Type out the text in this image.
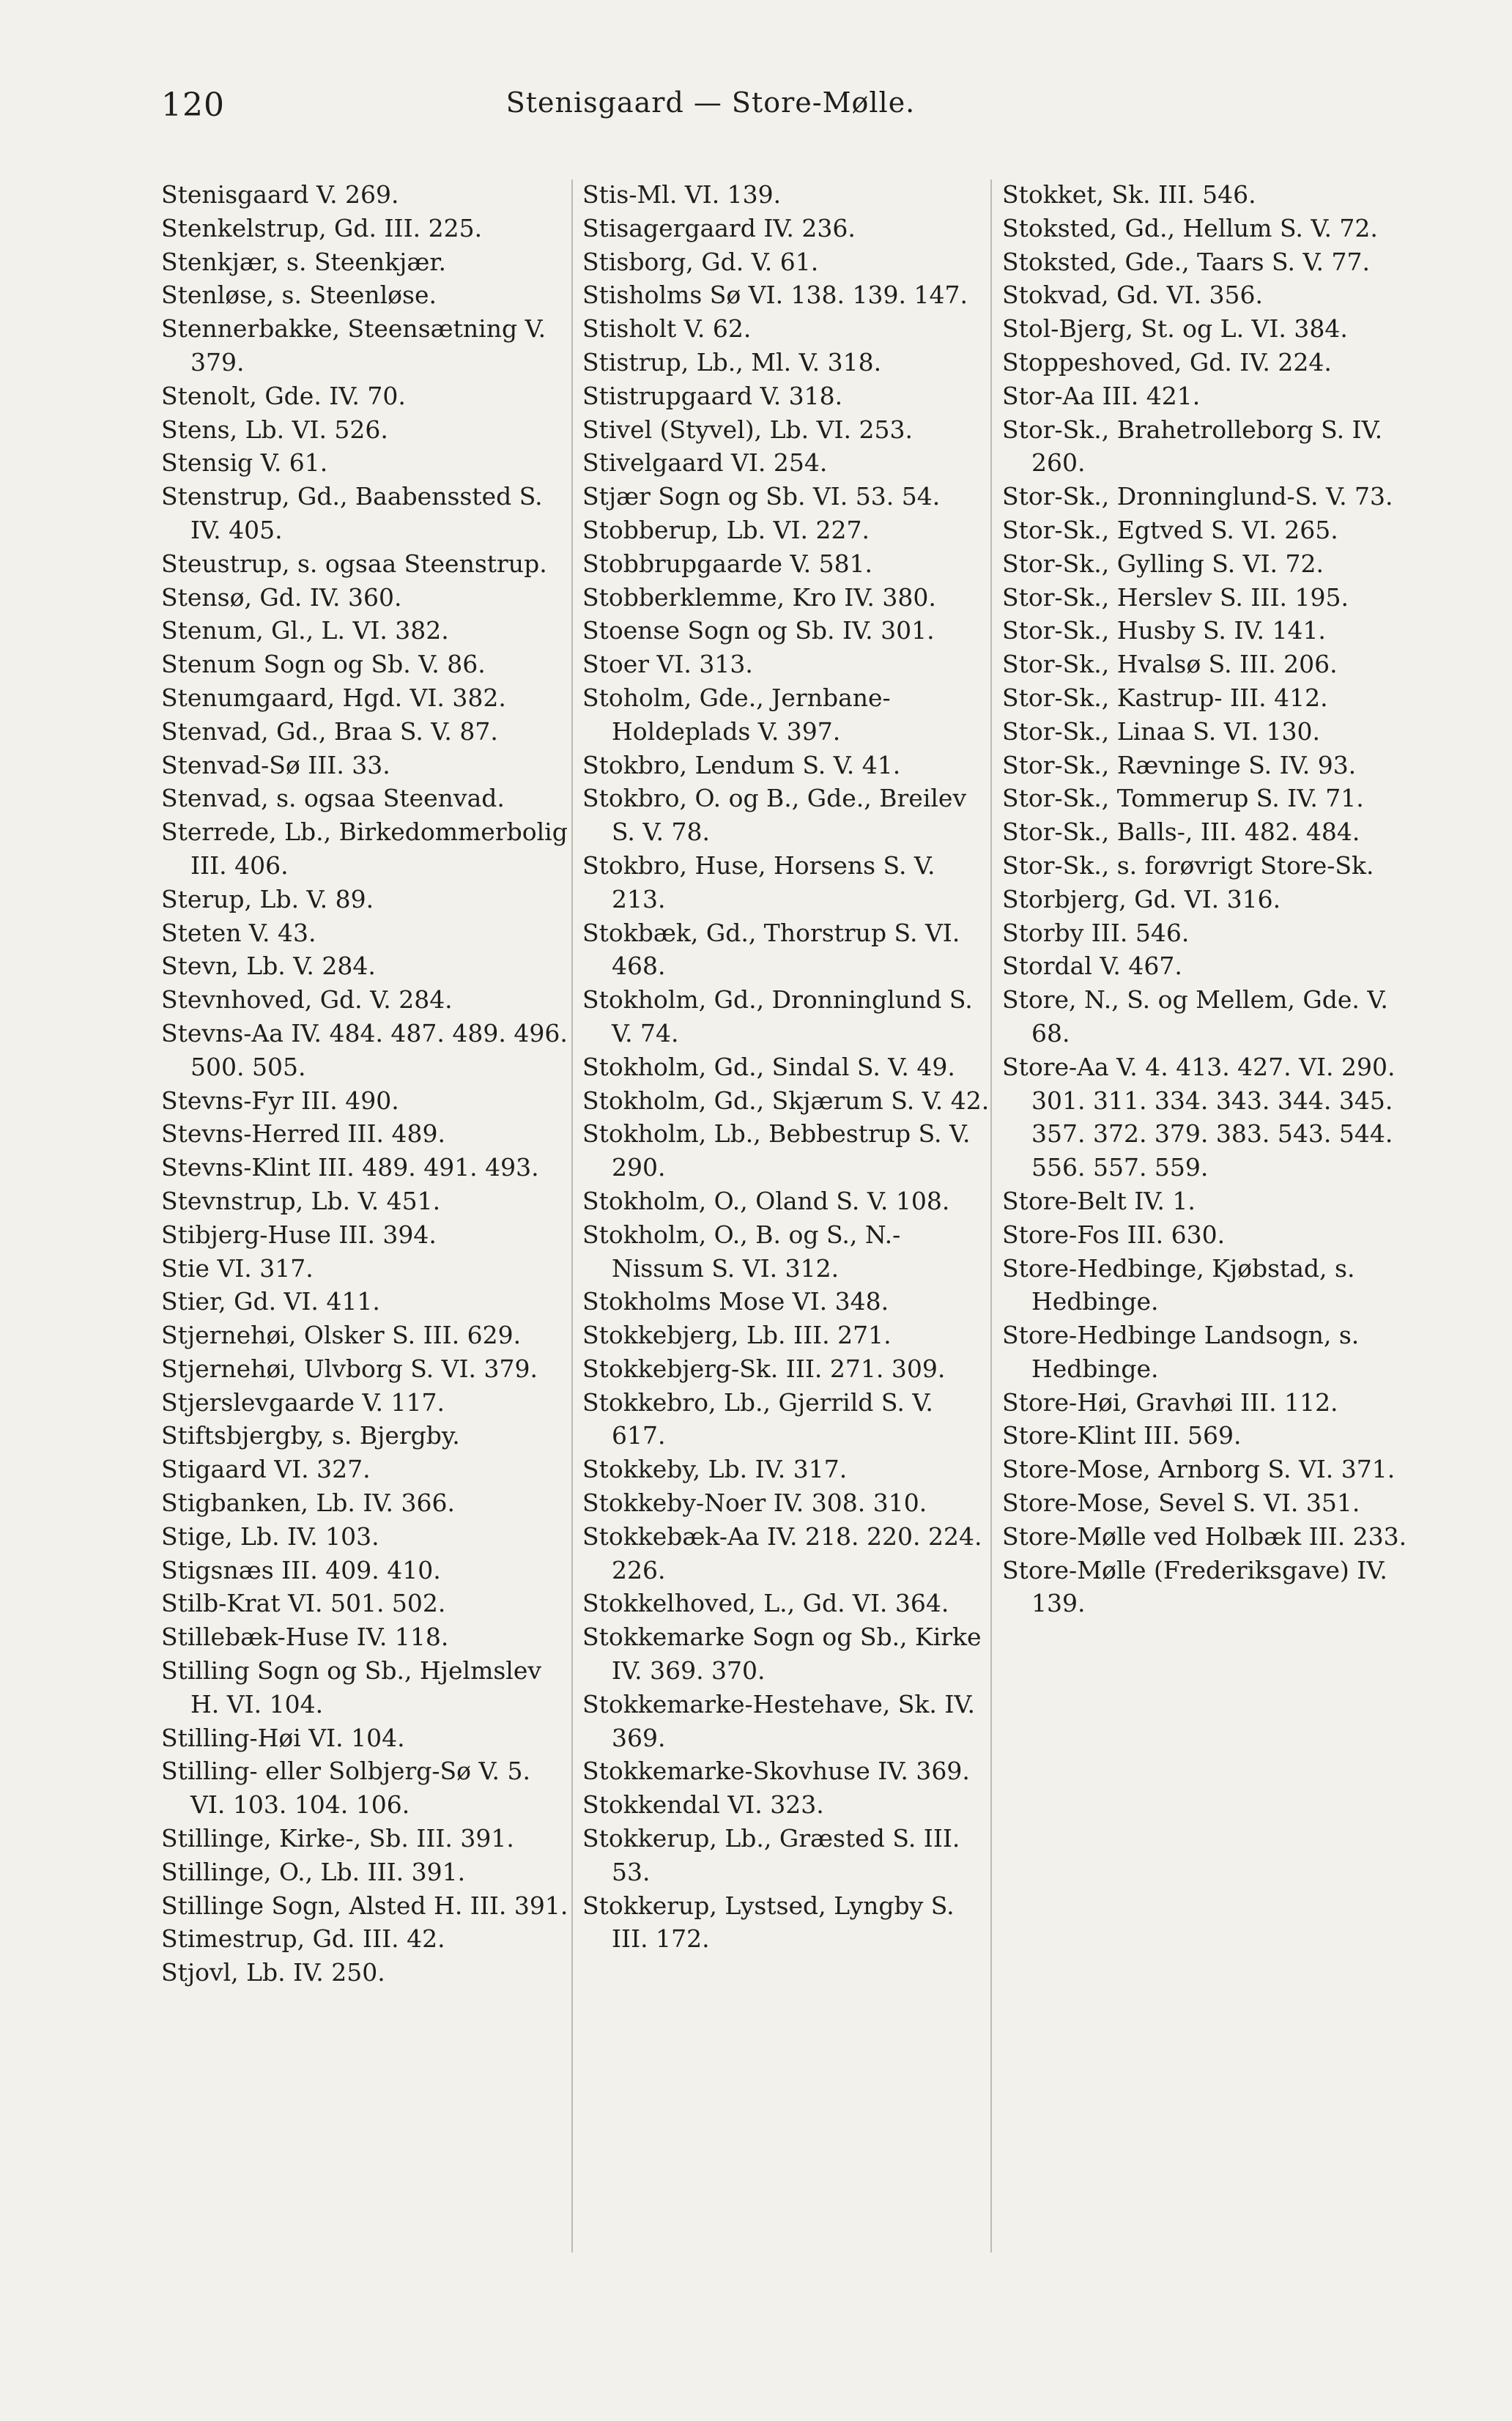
120	Stenisgaard — Store-Mølle.

Stenisgaard V. 269.

Stenkelstrup, Gd. III. 225.

Stenkjær, s. Steenkjær.

Stenløse, s. Steenløse.

Stennerbakke, Steensætning V. 379.

Stenolt, Gde. IV. 70.

Stens, Lb. VI. 526.

Stensig V. 61.

Stenstrup, Gd., Baabenssted S. IV. 405.

Steustrup, s. ogsaa Steenstrup.

Stensø, Gd. IV. 360.

Stenum, Gl., L. VI. 382.

Stenum Sogn og Sb. V. 86.

Stenumgaard, Hgd. VI. 382.

Stenvad, Gd., Braa S. V. 87.

Stenvad-Sø III. 33.

Stenvad, s. ogsaa Steenvad.

Sterrede, Lb., Birkedommerbolig III. 406.

Sterup, Lb. V. 89.

Steten V. 43.

Stevn, Lb. V. 284.

Stevnhoved, Gd. V. 284.

Stevns-Aa IV. 484. 487. 489. 496. 500. 505.

Stevns-Fyr III. 490.

Stevns-Herred III. 489.

Stevns-Klint III. 489. 491. 493.

Stevnstrup, Lb. V. 451.

Stibjerg-Huse III. 394.

Stie VI. 317.

Stier, Gd. VI. 411.

Stjernehøi, Olsker S. III. 629.

Stjernehøi, Ulvborg S. VI. 379.

Stjerslevgaarde V. 117.

Stiftsbjergby, s. Bjergby.

Stigaard VI. 327.

Stigbanken, Lb. IV. 366.

Stige, Lb. IV. 103.

Stigsnæs III. 409. 410.

Stilb-Krat VI. 501. 502.

Stillebæk-Huse IV. 118.

Stilling Sogn og Sb., Hjelmslev H. VI. 104.

Stilling-Høi VI. 104.

Stilling- eller Solbjerg-Sø V. 5. VI. 103. 104. 106.

Stillinge, Kirke-, Sb. III. 391.

Stillinge, O., Lb. III. 391.

Stillinge Sogn, Alsted H. III. 391.

Stimestrup, Gd. III. 42.

Stjovl, Lb. IV. 250.

Stis-Ml. VI. 139.

Stisagergaard IV. 236.

Stisborg, Gd. V. 61.

Stisholms Sø VI. 138. 139. 147.

Stisholt V. 62.

Stistrup, Lb., Ml. V. 318.

Stistrupgaard V. 318.

Stivel (Styvel), Lb. VI. 253.

Stivelgaard VI. 254.

Stjær Sogn og Sb. VI. 53. 54.

Stobberup, Lb. VI. 227.

Stobbrupgaarde V. 581.

Stobberklemme, Kro IV. 380.

Stoense Sogn og Sb. IV. 301.

Stoer VI. 313.

Stoholm, Gde., Jernbane-Holdeplads V. 397.

Stokbro, Lendum S. V. 41.

Stokbro, O. og B., Gde., Breilev S. V. 78.

Stokbro, Huse, Horsens S. V. 213.

Stokbæk, Gd., Thorstrup S. VI. 468.

Stokholm, Gd., Dronninglund S. V. 74.

Stokholm, Gd., Sindal S. V. 49.

Stokholm, Gd., Skjærum S. V. 42.

Stokholm, Lb., Bebbestrup S. V. 290.

Stokholm, O., Oland S. V. 108.

Stokholm, O., B. og S., N.-Nissum S. VI. 312.

Stokholms Mose VI. 348.

Stokkebjerg, Lb. III. 271.

Stokkebjerg-Sk. III. 271. 309.

Stokkebro, Lb., Gjerrild S. V. 617.

Stokkeby, Lb. IV. 317.

Stokkeby-Noer IV. 308. 310.

Stokkebæk-Aa IV. 218. 220. 224. 226.

Stokkelhoved, L., Gd. VI. 364.

Stokkemarke Sogn og Sb., Kirke IV. 369. 370.

Stokkemarke-Hestehave, Sk. IV. 369.

Stokkemarke-Skovhuse IV. 369.

Stokkendal VI. 323.

Stokkerup, Lb., Græsted S. III. 53.

Stokkerup, Lystsed, Lyngby S. III. 172.

Stokket, Sk. III. 546.

Stoksted, Gd., Hellum S. V. 72.

Stoksted, Gde., Taars S. V. 77.

Stokvad, Gd. VI. 356.

Stol-Bjerg, St. og L. VI. 384.

Stoppeshoved, Gd. IV. 224.

Stor-Aa III. 421.

Stor-Sk., Brahetrolleborg S. IV. 260.

Stor-Sk., Dronninglund-S. V. 73.

Stor-Sk., Egtved S. VI. 265.

Stor-Sk., Gylling S. VI. 72.

Stor-Sk., Herslev S. III. 195.

Stor-Sk., Husby S. IV. 141.

Stor-Sk., Hvalsø S. III. 206.

Stor-Sk., Kastrup- III. 412.

Stor-Sk., Linaa S. VI. 130.

Stor-Sk., Rævninge S. IV. 93.

Stor-Sk., Tommerup S. IV. 71.

Stor-Sk., Balls-, III. 482. 484.

Stor-Sk., s. forøvrigt Store-Sk.

Storbjerg, Gd. VI. 316.

Storby III. 546.

Stordal V. 467.

Store, N., S. og Mellem, Gde. V. 68.

Store-Aa V. 4. 413. 427. VI. 290. 301. 311. 334. 343. 344. 345. 357. 372. 379. 383. 543. 544. 556. 557. 559.

Store-Belt IV. 1.

Store-Fos III. 630.

Store-Hedbinge, Kjøbstad, s. Hedbinge.

Store-Hedbinge Landsogn, s. Hedbinge.

Store-Høi, Gravhøi III. 112.

Store-Klint III. 569.

Store-Mose, Arnborg S. VI. 371.

Store-Mose, Sevel S. VI. 351.

Store-Mølle ved Holbæk III. 233.

Store-Mølle (Frederiksgave) IV. 139.
